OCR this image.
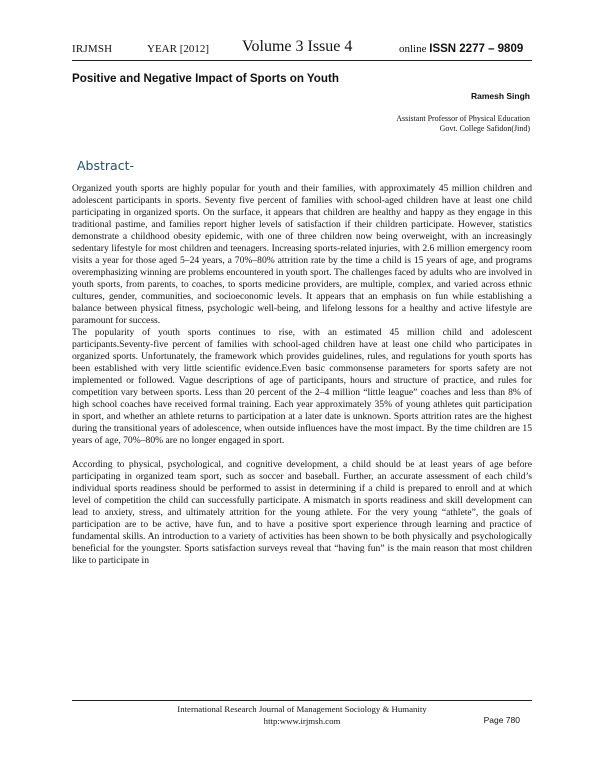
IRJMSH	YEAR [2012] Volume 3 Issue 4	online ISSN 2277 – 9809
Positive and Negative Impact of Sports on Youth
Ramesh Singh
Assistant Professor of Physical Education
Govt. College Safidon(Jind)
Abstract-

Organized youth sports are highly popular for youth and their families, with approximately 45 million children and adolescent participants in sports. Seventy five percent of families with school-aged children have at least one child participating in organized sports. On the surface, it appears that children are healthy and happy as they engage in this traditional pastime, and families report higher levels of satisfaction if their children participate. However, statistics demonstrate a childhood obesity epidemic, with one of three children now being overweight, with an increasingly sedentary lifestyle for most children and teenagers. Increasing sports-related injuries, with 2.6 million emergency room visits a year for those aged 5–24 years, a 70%–80% attrition rate by the time a child is 15 years of age, and programs overemphasizing winning are problems encountered in youth sport. The challenges faced by adults who are involved in youth sports, from parents, to coaches, to sports medicine providers, are multiple, complex, and varied across ethnic cultures, gender, communities, and socioeconomic levels. It appears that an emphasis on fun while establishing a balance between physical fitness, psychologic well-being, and lifelong lessons for a healthy and active lifestyle are paramount for success.

The popularity of youth sports continues to rise, with an estimated 45 million child and adolescent participants.Seventy-five percent of families with school-aged children have at least one child who participates in organized sports. Unfortunately, the framework which provides guidelines, rules, and regulations for youth sports has been established with very little scientific evidence.Even basic commonsense parameters for sports safety are not implemented or followed. Vague descriptions of age of participants, hours and structure of practice, and rules for competition vary between sports. Less than 20 percent of the 2–4 million “little league” coaches and less than 8% of high school coaches have received formal training. Each year approximately 35% of young athletes quit participation in sport, and whether an athlete returns to participation at a later date is unknown. Sports attrition rates are the highest during the transitional years of adolescence, when outside influences have the most impact. By the time children are 15 years of age, 70%–80% are no longer engaged in sport.

According to physical, psychological, and cognitive development, a child should be at least years of age before participating in organized team sport, such as soccer and baseball. Further, an accurate assessment of each child’s individual sports readiness should be performed to assist in determining if a child is prepared to enroll and at which level of competition the child can successfully participate. A mismatch in sports readiness and skill development can lead to anxiety, stress, and ultimately attrition for the young athlete. For the very young “athlete”, the goals of participation are to be active, have fun, and to have a positive sport experience through learning and practice of fundamental skills. An introduction to a variety of activities has been shown to be both physically and psychologically beneficial for the youngster. Sports satisfaction surveys reveal that “having fun” is the main reason that most children like to participate in

International Research Journal of Management Sociology & Humanity
http:www.irjmsh.com	Page 780
